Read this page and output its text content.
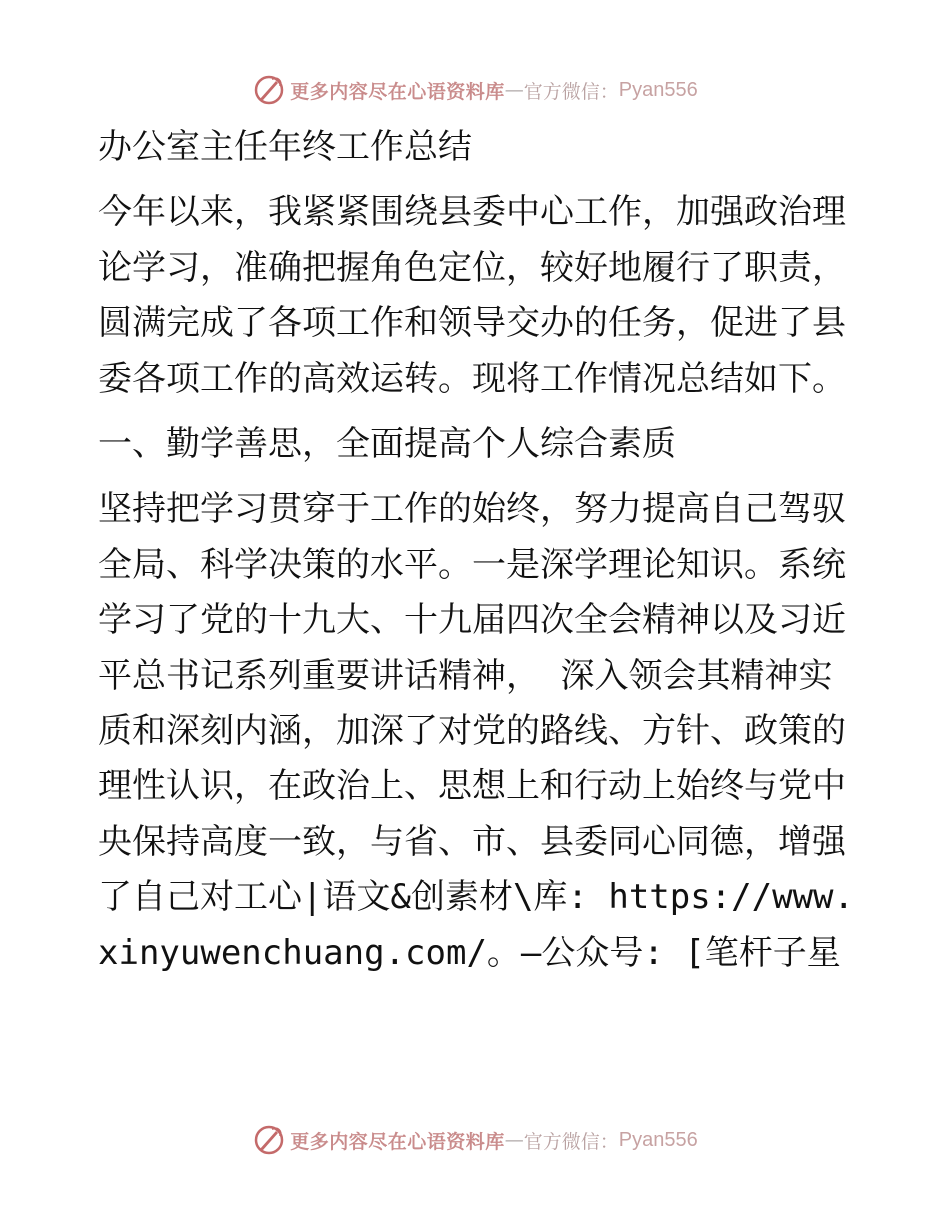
更多内容尽在心语资料库 — 官方微信： Pyan556

办公室主任年终工作总结

今年以来，我紧紧围绕县委中心工作，加强政治理论学习，准确把握角色定位，较好地履行了职责，圆满完成了各项工作和领导交办的任务，促进了县委各项工作的高效运转。现将工作情况总结如下。

一、勤学善思，全面提高个人综合素质

坚持把学习贯穿于工作的始终，努力提高自己驾驭全局、科学决策的水平。一是深学理论知识。系统学习了党的十九大、十九届四次全会精神以及习近平总书记系列重要讲话精神， 深入领会其精神实质和深刻内涵，加深了对党的路线、方针、政策的理性认识，在政治上、思想上和行动上始终与党中央保持高度一致，与省、市、县委同心同德，增强了自己对工心|语文&创素材\库: https://www.xinyuwenchuang.com/。—公众号: [笔杆子星

更多内容尽在心语资料库 — 官方微信： Pyan556
